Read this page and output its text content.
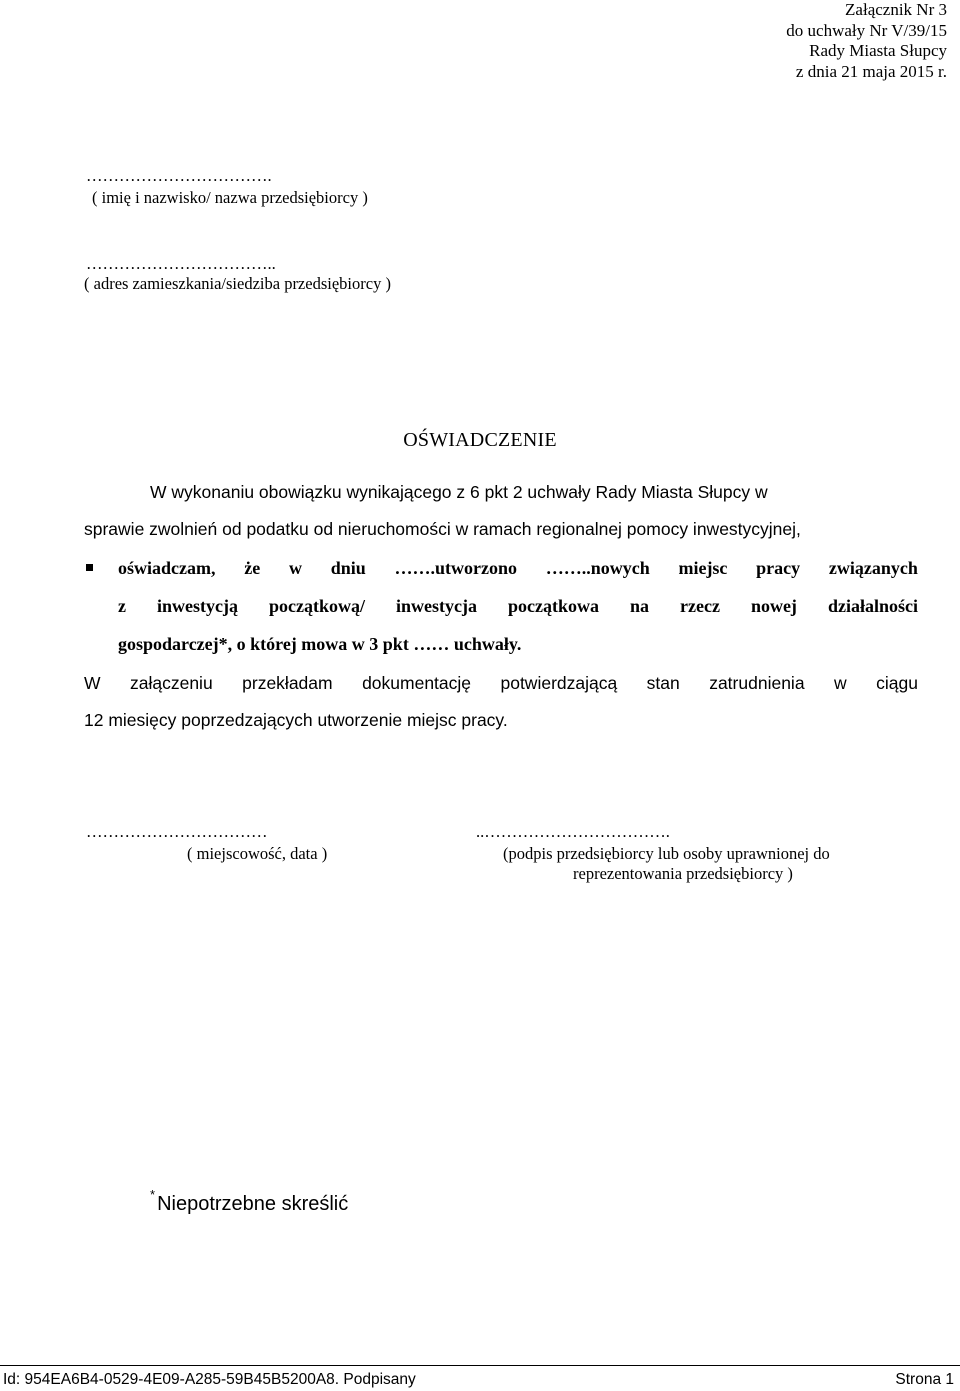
Załącznik Nr 3
do uchwały Nr V/39/15
Rady Miasta Słupcy
z dnia 21 maja 2015 r.
…………………………….
( imię i nazwisko/ nazwa przedsiębiorcy )
……………………………..
( adres zamieszkania/siedziba przedsiębiorcy )
OŚWIADCZENIE
W wykonaniu obowiązku wynikającego z 6 pkt 2 uchwały Rady Miasta Słupcy w
sprawie zwolnień od podatku od nieruchomości w ramach regionalnej pomocy inwestycyjnej,
oświadczam, że w dniu …….utworzono ……..nowych miejsc pracy związanych
z inwestycją początkową/ inwestycja początkowa na rzecz nowej działalności
gospodarczej*, o której mowa w 3 pkt …… uchwały.
W załączeniu przekładam dokumentację potwierdzającą stan zatrudnienia w ciągu
12 miesięcy poprzedzających utworzenie miejsc pracy.
……………………………
( miejscowość, data )
..…………………………….
(podpis przedsiębiorcy lub osoby uprawnionej do
reprezentowania przedsiębiorcy )
* Niepotrzebne skreślić
Id: 954EA6B4-0529-4E09-A285-59B45B5200A8. Podpisany	Strona 1
